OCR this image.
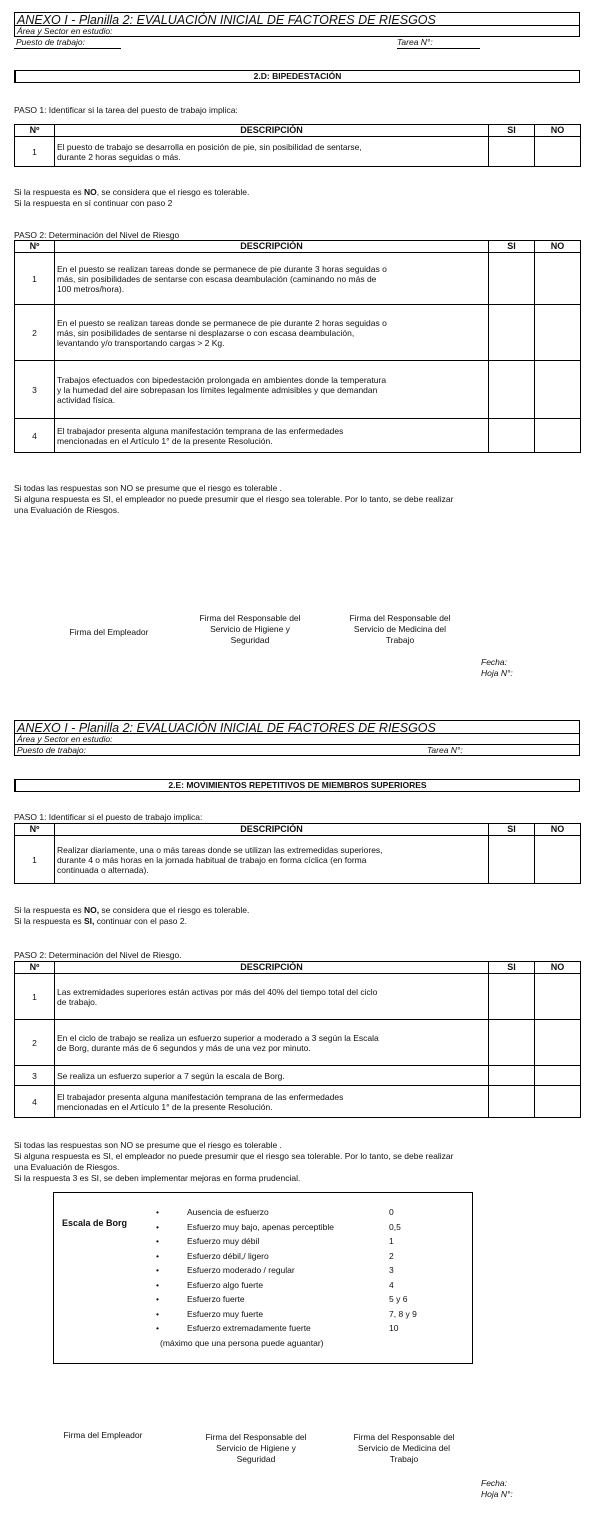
ANEXO I - Planilla 2: EVALUACIÓN INICIAL DE FACTORES DE RIESGOS
Área y Sector en estudio:
Puesto de trabajo:	Tarea N°:
2.D: BIPEDESTACIÓN
PASO 1: Identificar si la tarea del puesto de trabajo implica:
Nº	DESCRIPCIÓN	SI	NO
1	El puesto de trabajo se desarrolla en posición de pie, sin posibilidad de sentarse,
durante 2 horas seguidas o más.		

Si la respuesta es NO, se considera que el riesgo es tolerable.
Si la respuesta en sí continuar con paso 2
PASO 2: Determinación del Nivel de Riesgo
Nº	DESCRIPCIÓN	SI	NO
1	En el puesto se realizan tareas donde se permanece de pie durante 3 horas seguidas o
más, sin posibilidades de sentarse con escasa deambulación (caminando no más de
100 metros/hora).		

2	En el puesto se realizan tareas donde se permanece de pie durante 2 horas seguidas o
más, sin posibilidades de sentarse ni desplazarse o con escasa deambulación,
levantando y/o transportando cargas > 2 Kg.		

3	Trabajos efectuados con bipedestación prolongada en ambientes donde la temperatura
y la humedad del aire sobrepasan los límites legalmente admisibles y que demandan
actividad física.		

4	El trabajador presenta alguna manifestación temprana de las enfermedades
mencionadas en el Artículo 1° de la presente Resolución.		

Si todas las respuestas son NO se presume que el riesgo es tolerable .
Si alguna respuesta es SI, el empleador no puede presumir que el riesgo sea tolerable. Por lo tanto, se debe realizar
una Evaluación de Riesgos.
Firma del Empleador
Firma del Responsable del
Servicio de Higiene y
Seguridad
Firma del Responsable del
Servicio de Medicina del
Trabajo
Fecha:
Hoja N°:
ANEXO I - Planilla 2: EVALUACIÓN INICIAL DE FACTORES DE RIESGOS
Área y Sector en estudio:
Puesto de trabajo:	Tarea N°:
2.E: MOVIMIENTOS REPETITIVOS DE MIEMBROS SUPERIORES
PASO 1: Identificar si el puesto de trabajo implica:
Nº	DESCRIPCIÓN	SI	NO
1	Realizar diariamente, una o más tareas donde se utilizan las extremedidas superiores,
durante 4 o más horas en la jornada habitual de trabajo en forma cíclica (en forma
continuada o alternada).		

Si la respuesta es NO, se considera que el riesgo es tolerable.
Si la respuesta es SI, continuar con el paso 2.
PASO 2: Determinación del Nivel de Riesgo.
Nº	DESCRIPCIÓN	SI	NO
1	Las extremidades superiores están activas por más del 40% del tiempo total del ciclo
de trabajo.		

2	En el ciclo de trabajo se realiza un esfuerzo superior a moderado a 3 según la Escala
de Borg, durante más de 6 segundos y más de una vez por minuto.		

3	Se realiza un esfuerzo superior a 7 según la escala de Borg.		

4	El trabajador presenta alguna manifestación temprana de las enfermedades
mencionadas en el Artículo 1° de la presente Resolución.		

Si todas las respuestas son NO se presume que el riesgo es tolerable .
Si alguna respuesta es SI, el empleador no puede presumir que el riesgo sea tolerable. Por lo tanto, se debe realizar
una Evaluación de Riesgos.
Si la respuesta 3 es SI, se deben implementar mejoras en forma prudencial.
Escala de Borg
•	Ausencia de esfuerzo	0
•	Esfuerzo muy bajo, apenas perceptible	0,5
•	Esfuerzo muy débil	1
•	Esfuerzo débil,/ ligero	2
•	Esfuerzo moderado / regular	3
•	Esfuerzo algo fuerte	4
•	Esfuerzo fuerte	5 y 6
•	Esfuerzo muy fuerte	7, 8 y 9
•	Esfuerzo extremadamente fuerte	10
(máximo que una persona puede aguantar)
Firma del Empleador	Firma del Responsable del
Servicio de Higiene y
Seguridad
Firma del Responsable del
Servicio de Medicina del
Trabajo
Fecha:
Hoja N°:
